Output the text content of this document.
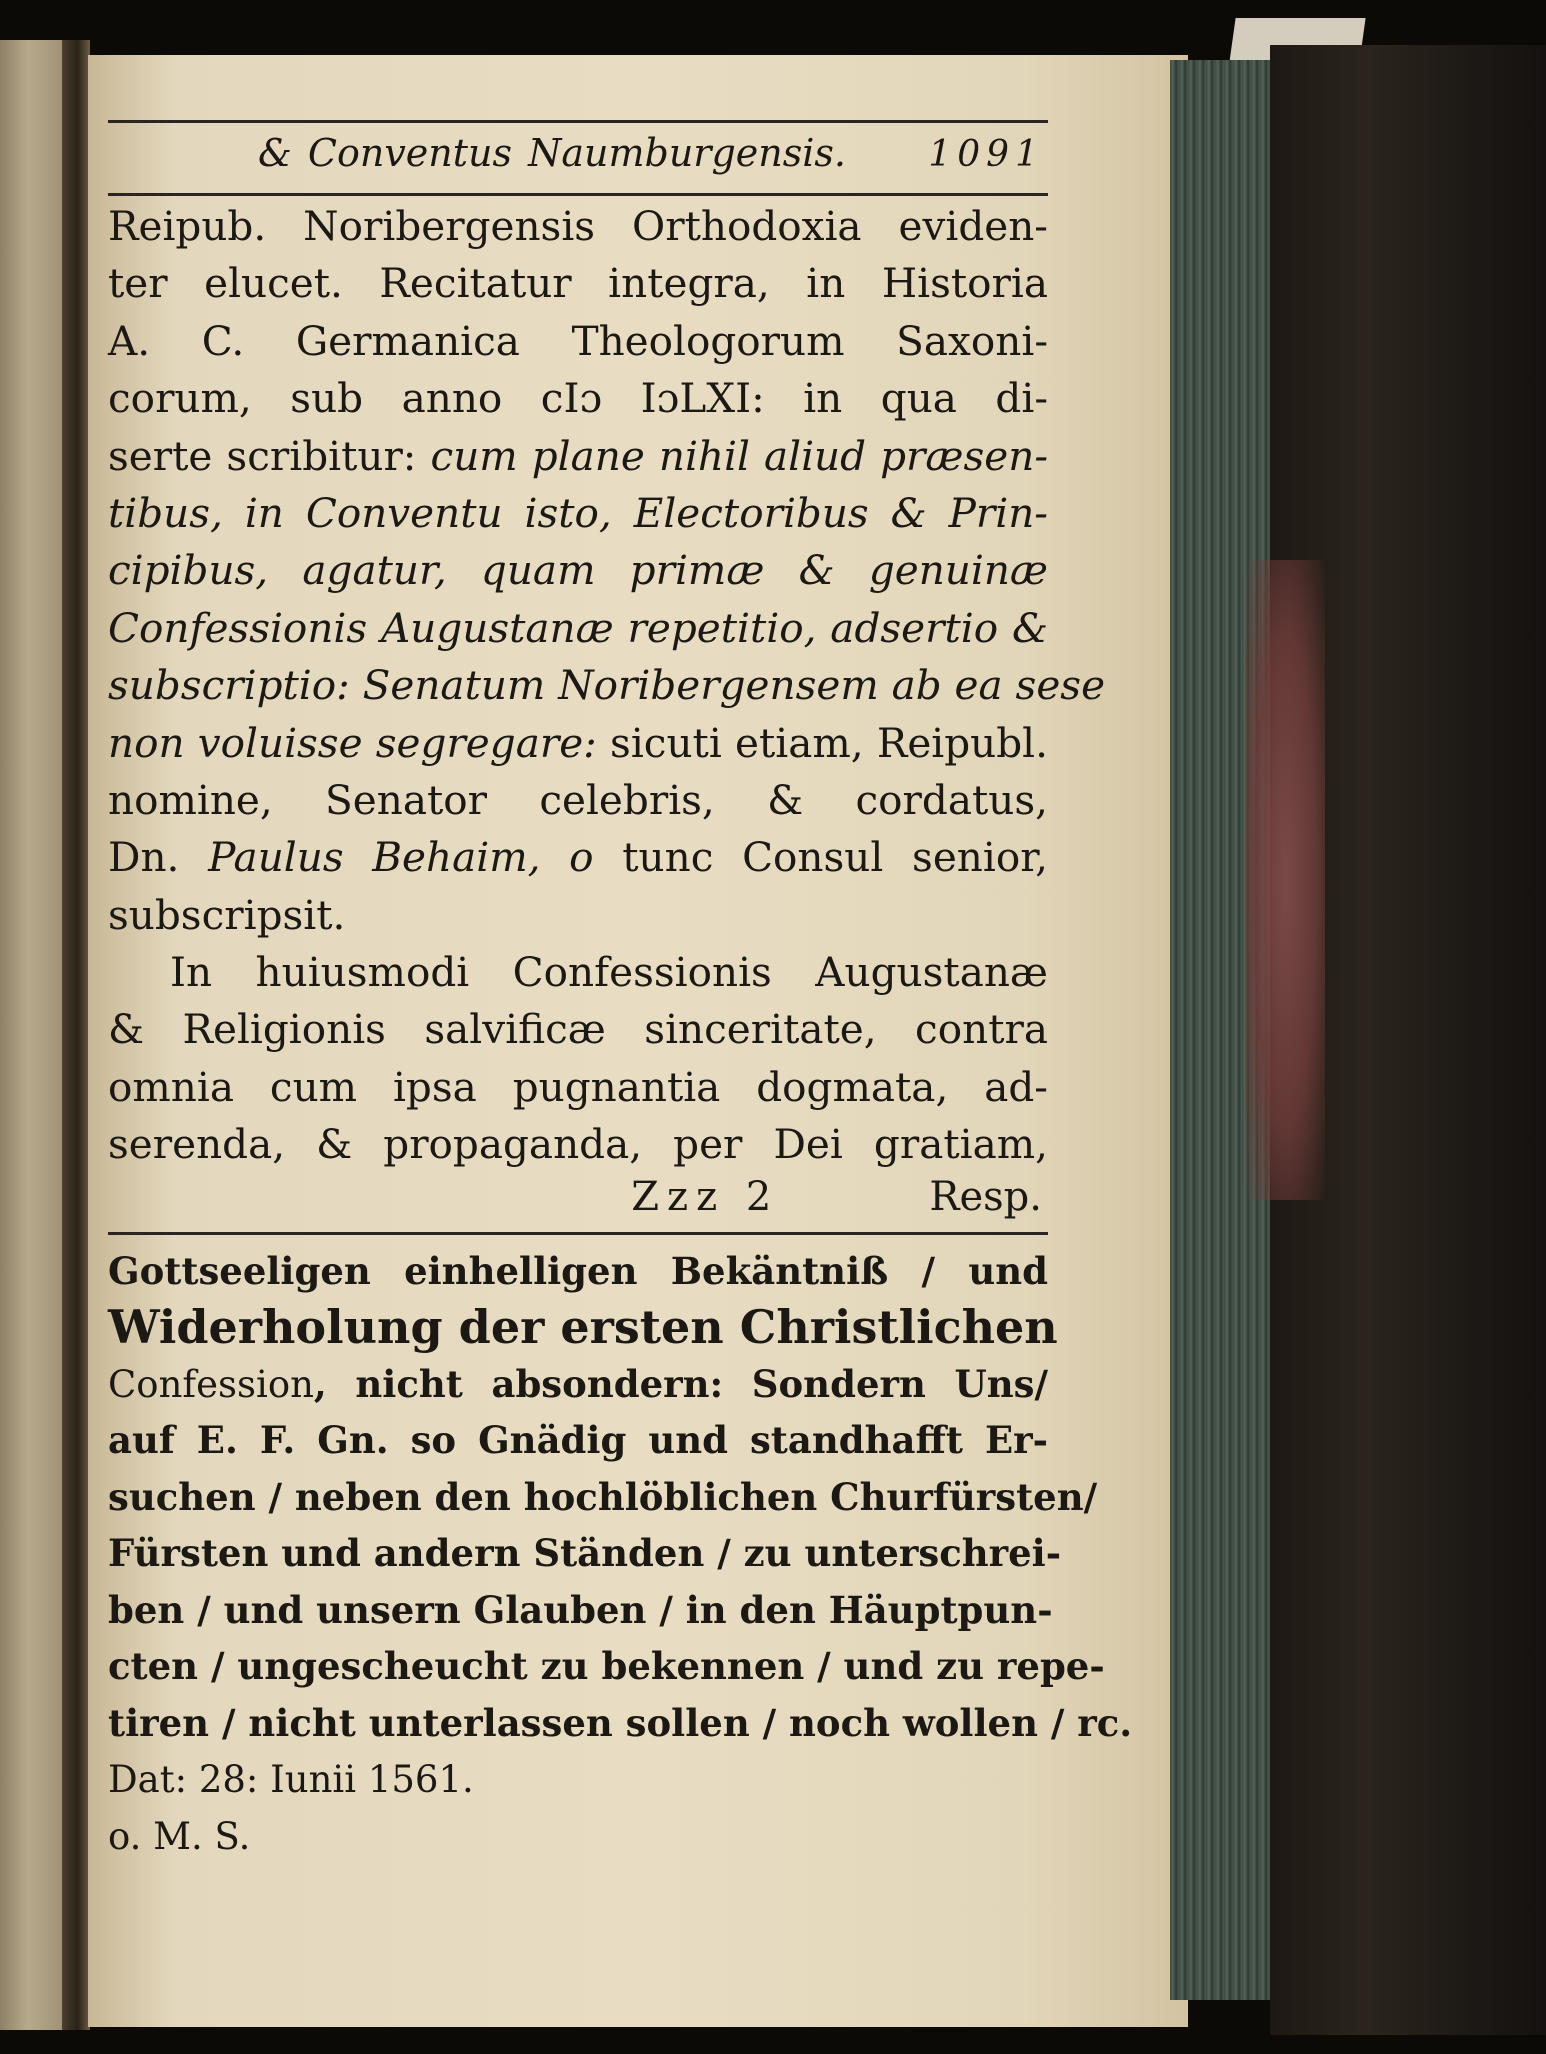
& Conventus Naumburgensis. 1091
Reipub. Noribergensis Orthodoxia eviden-
ter elucet. Recitatur integra, in Historia
A. C. Germanica Theologorum Saxoni-
corum, sub anno cIɔ IɔLXI: in qua di-
serte scribitur: cum plane nihil aliud præsen-
tibus, in Conventu isto, Electoribus & Prin-
cipibus, agatur, quam primæ & genuinæ
Confessionis Augustanæ repetitio, adsertio &
subscriptio: Senatum Noribergensem ab ea sese
non voluisse segregare: sicuti etiam, Reipubl.
nomine, Senator celebris, & cordatus,
Dn. Paulus Behaim, o tunc Consul senior,
subscripsit.
In huiusmodi Confessionis Augustanæ
& Religionis salvificæ sinceritate, contra
omnia cum ipsa pugnantia dogmata, ad-
serenda, & propaganda, per Dei gratiam,
Zzz 2	Resp.
Gottseeligen einhelligen Bekäntniß / und
Widerholung der ersten Christlichen
Confession, nicht absondern: Sondern Uns/
auf E. F. Gn. so Gnädig und standhafft Er-
suchen / neben den hochlöblichen Churfürsten/
Fürsten und andern Ständen / zu unterschrei-
ben / und unsern Glauben / in den Häuptpun-
cten / ungescheucht zu bekennen / und zu repe-
tiren / nicht unterlassen sollen / noch wollen / rc.
Dat: 28: Iunii 1561.
o. M. S.
